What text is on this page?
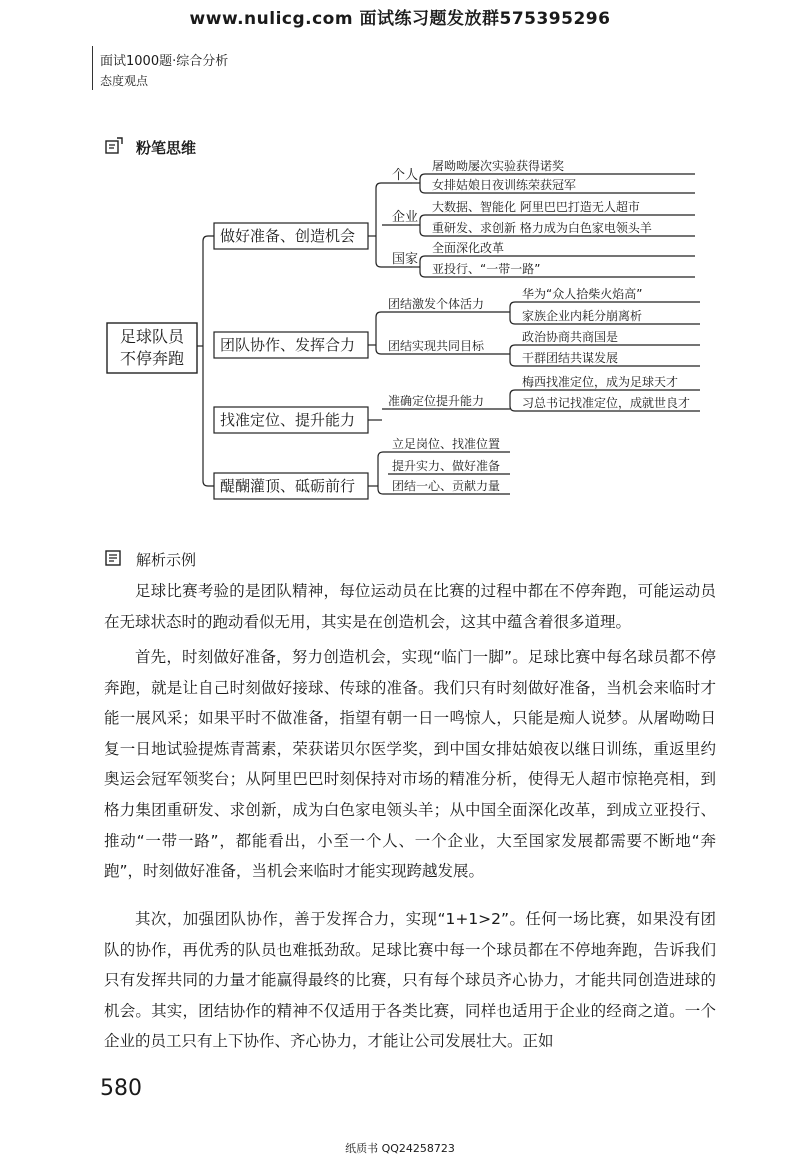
www.nulicg.com 面试练习题发放群575395296
面试1000题·综合分析
态度观点
粉笔思维
足球队员
不停奔跑
做好准备、创造机会
个人
屠呦呦屡次实验获得诺奖
女排姑娘日夜训练荣获冠军
企业
大数据、智能化 阿里巴巴打造无人超市
重研发、求创新 格力成为白色家电领头羊
国家
全面深化改革
亚投行、“一带一路”
团队协作、发挥合力
团结激发个体活力
华为“众人拾柴火焰高”
家族企业内耗分崩离析
团结实现共同目标
政治协商共商国是
干群团结共谋发展
找准定位、提升能力
准确定位提升能力
梅西找准定位，成为足球天才
习总书记找准定位，成就世良才
醍醐灌顶、砥砺前行
立足岗位、找准位置
提升实力、做好准备
团结一心、贡献力量
解析示例
足球比赛考验的是团队精神，每位运动员在比赛的过程中都在不停奔跑，可能运动员在无球状态时的跑动看似无用，其实是在创造机会，这其中蕴含着很多道理。
首先，时刻做好准备，努力创造机会，实现“临门一脚”。足球比赛中每名球员都不停奔跑，就是让自己时刻做好接球、传球的准备。我们只有时刻做好准备，当机会来临时才能一展风采；如果平时不做准备，指望有朝一日一鸣惊人，只能是痴人说梦。从屠呦呦日复一日地试验提炼青蒿素，荣获诺贝尔医学奖，到中国女排姑娘夜以继日训练，重返里约奥运会冠军领奖台；从阿里巴巴时刻保持对市场的精准分析，使得无人超市惊艳亮相，到格力集团重研发、求创新，成为白色家电领头羊；从中国全面深化改革，到成立亚投行、推动“一带一路”，都能看出，小至一个人、一个企业，大至国家发展都需要不断地“奔跑”，时刻做好准备，当机会来临时才能实现跨越发展。
其次，加强团队协作，善于发挥合力，实现“1+1>2”。任何一场比赛，如果没有团队的协作，再优秀的队员也难抵劲敌。足球比赛中每一个球员都在不停地奔跑，告诉我们只有发挥共同的力量才能赢得最终的比赛，只有每个球员齐心协力，才能共同创造进球的机会。其实，团结协作的精神不仅适用于各类比赛，同样也适用于企业的经商之道。一个企业的员工只有上下协作、齐心协力，才能让公司发展壮大。正如
580
纸质书 QQ24258723
